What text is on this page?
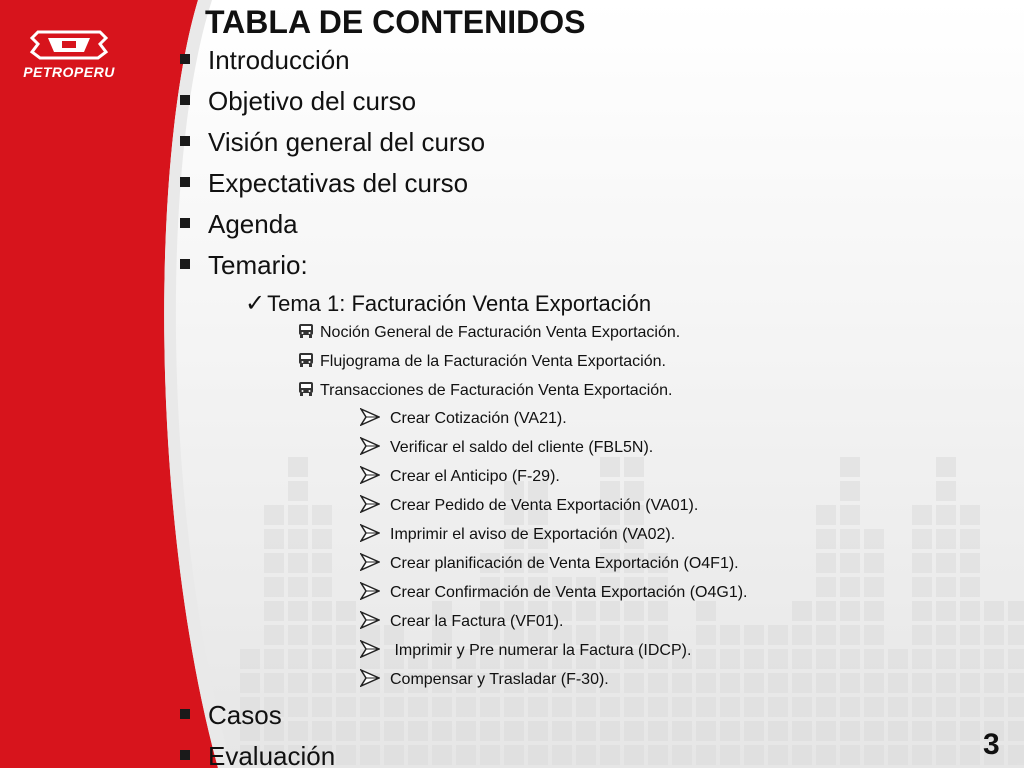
PETROPERU
TABLA DE CONTENIDOS
Introducción
Objetivo del curso
Visión general del curso
Expectativas del curso
Agenda
Temario:
✓Tema 1: Facturación Venta Exportación
Noción General de Facturación Venta Exportación.
Flujograma de la Facturación Venta Exportación.
Transacciones de Facturación Venta Exportación.
Crear Cotización (VA21).
Verificar el saldo del cliente (FBL5N).
Crear el Anticipo (F-29).
Crear Pedido de Venta Exportación (VA01).
Imprimir el aviso de Exportación (VA02).
Crear planificación de Venta Exportación (O4F1).
Crear Confirmación de Venta Exportación (O4G1).
Crear la Factura (VF01).
Imprimir y Pre numerar la Factura (IDCP).
Compensar y Trasladar (F-30).
Casos
Evaluación	3
